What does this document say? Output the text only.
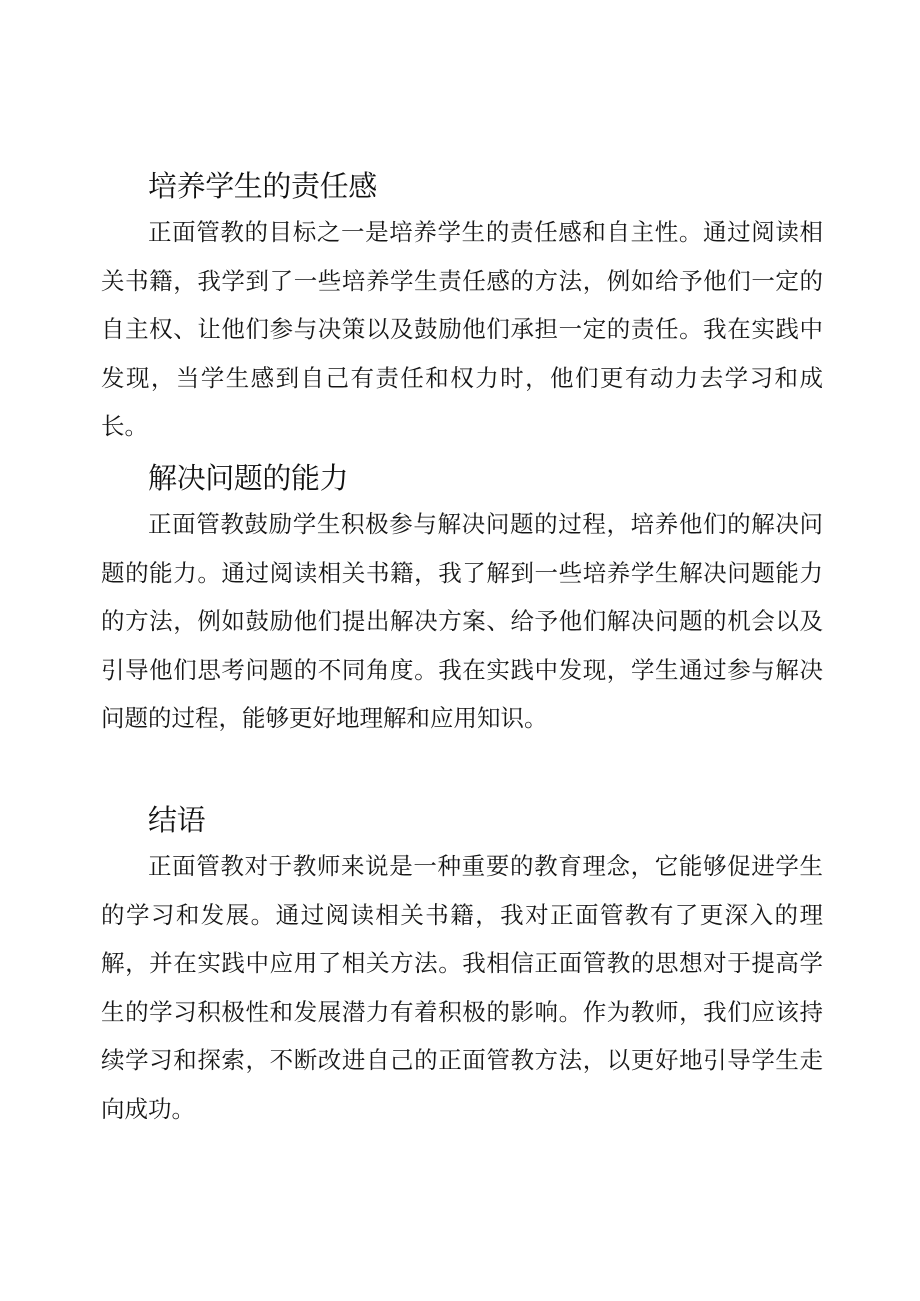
培养学生的责任感

正面管教的目标之一是培养学生的责任感和自主性。通过阅读相关书籍，我学到了一些培养学生责任感的方法，例如给予他们一定的自主权、让他们参与决策以及鼓励他们承担一定的责任。我在实践中发现，当学生感到自己有责任和权力时，他们更有动力去学习和成长。

解决问题的能力

正面管教鼓励学生积极参与解决问题的过程，培养他们的解决问题的能力。通过阅读相关书籍，我了解到一些培养学生解决问题能力的方法，例如鼓励他们提出解决方案、给予他们解决问题的机会以及引导他们思考问题的不同角度。我在实践中发现，学生通过参与解决问题的过程，能够更好地理解和应用知识。

结语

正面管教对于教师来说是一种重要的教育理念，它能够促进学生的学习和发展。通过阅读相关书籍，我对正面管教有了更深入的理解，并在实践中应用了相关方法。我相信正面管教的思想对于提高学生的学习积极性和发展潜力有着积极的影响。作为教师，我们应该持续学习和探索，不断改进自己的正面管教方法，以更好地引导学生走向成功。
